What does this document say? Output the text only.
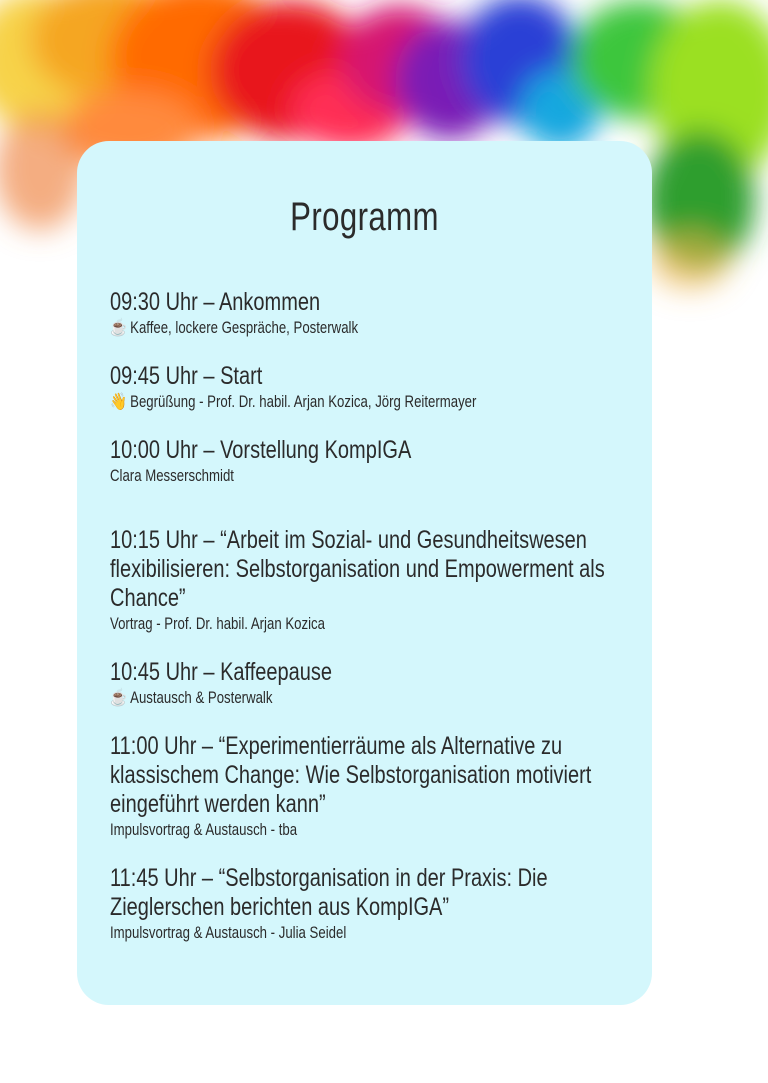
Programm
09:30 Uhr – Ankommen
☕ Kaffee, lockere Gespräche, Posterwalk
09:45 Uhr – Start
👋 Begrüßung - Prof. Dr. habil. Arjan Kozica, Jörg Reitermayer
10:00 Uhr – Vorstellung KompIGA
Clara Messerschmidt
10:15 Uhr – “Arbeit im Sozial- und Gesundheitswesen flexibilisieren: Selbstorganisation und Empowerment als Chance”
Vortrag - Prof. Dr. habil. Arjan Kozica
10:45 Uhr – Kaffeepause
☕ Austausch & Posterwalk
11:00 Uhr – “Experimentierräume als Alternative zu klassischem Change: Wie Selbstorganisation motiviert eingeführt werden kann”
Impulsvortrag & Austausch - tba
11:45 Uhr – “Selbstorganisation in der Praxis: Die Zieglerschen berichten aus KompIGA”
Impulsvortrag & Austausch - Julia Seidel
